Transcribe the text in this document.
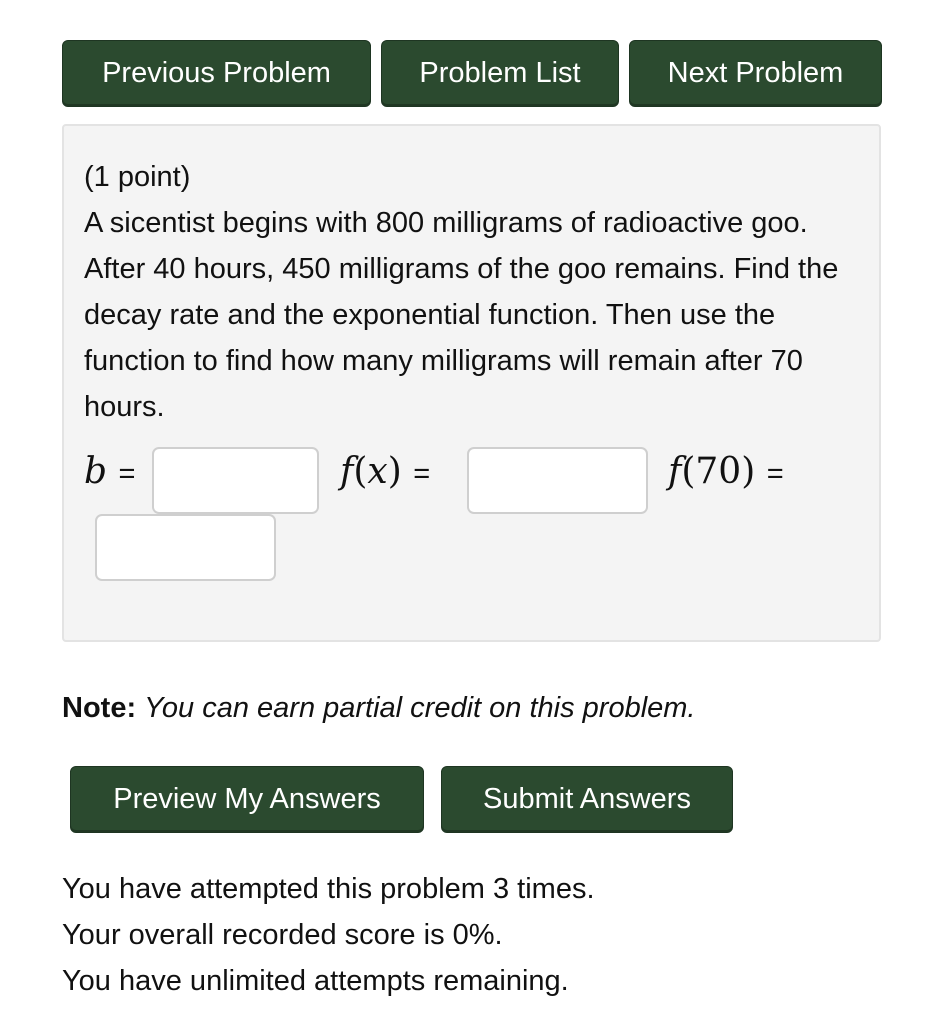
Previous Problem	Problem List	Next Problem

(1 point)

A sicentist begins with 800 milligrams of radioactive goo. After 40 hours, 450 milligrams of the goo remains. Find the decay rate and the exponential function. Then use the function to find how many milligrams will remain after 70 hours.

b =	f(x) =	f(70) =

Note: You can earn partial credit on this problem.

Preview My Answers	Submit Answers
You have attempted this problem 3 times.
Your overall recorded score is 0%.
You have unlimited attempts remaining.
